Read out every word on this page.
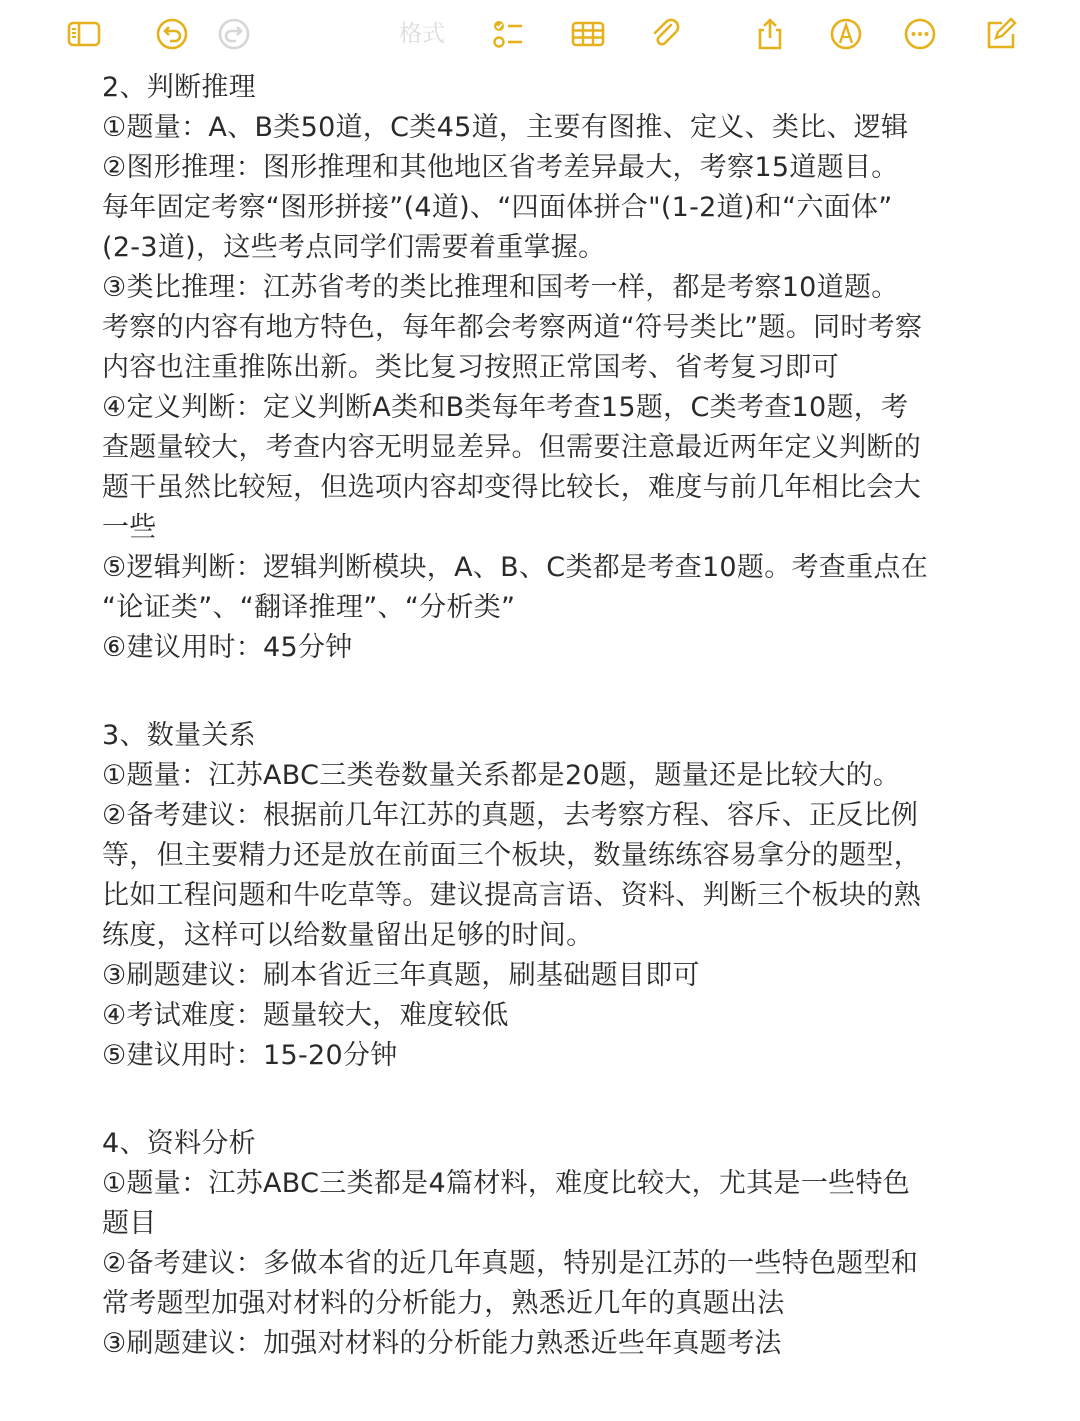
格式

2、判断推理

①题量：A、B类50道，C类45道，主要有图推、定义、类比、逻辑

②图形推理：图形推理和其他地区省考差异最大，考察15道题目。

每年固定考察“图形拼接”(4道)、“四面体拼合"(1-2道)和“六面体”

(2-3道)，这些考点同学们需要着重掌握。

③类比推理：江苏省考的类比推理和国考一样，都是考察10道题。

考察的内容有地方特色，每年都会考察两道“符号类比”题。同时考察

内容也注重推陈出新。类比复习按照正常国考、省考复习即可

④定义判断：定义判断A类和B类每年考查15题，C类考查10题，考

查题量较大，考查内容无明显差异。但需要注意最近两年定义判断的

题干虽然比较短，但选项内容却变得比较长，难度与前几年相比会大

一些

⑤逻辑判断：逻辑判断模块，A、B、C类都是考查10题。考查重点在

“论证类”、“翻译推理”、“分析类”

⑥建议用时：45分钟

3、数量关系

①题量：江苏ABC三类卷数量关系都是20题，题量还是比较大的。

②备考建议：根据前几年江苏的真题，去考察方程、容斥、正反比例

等，但主要精力还是放在前面三个板块，数量练练容易拿分的题型，

比如工程问题和牛吃草等。建议提高言语、资料、判断三个板块的熟

练度，这样可以给数量留出足够的时间。

③刷题建议：刷本省近三年真题，刷基础题目即可

④考试难度：题量较大，难度较低

⑤建议用时：15-20分钟

4、资料分析

①题量：江苏ABC三类都是4篇材料，难度比较大，尤其是一些特色

题目

②备考建议：多做本省的近几年真题，特别是江苏的一些特色题型和

常考题型加强对材料的分析能力，熟悉近几年的真题出法

③刷题建议：加强对材料的分析能力熟悉近些年真题考法
